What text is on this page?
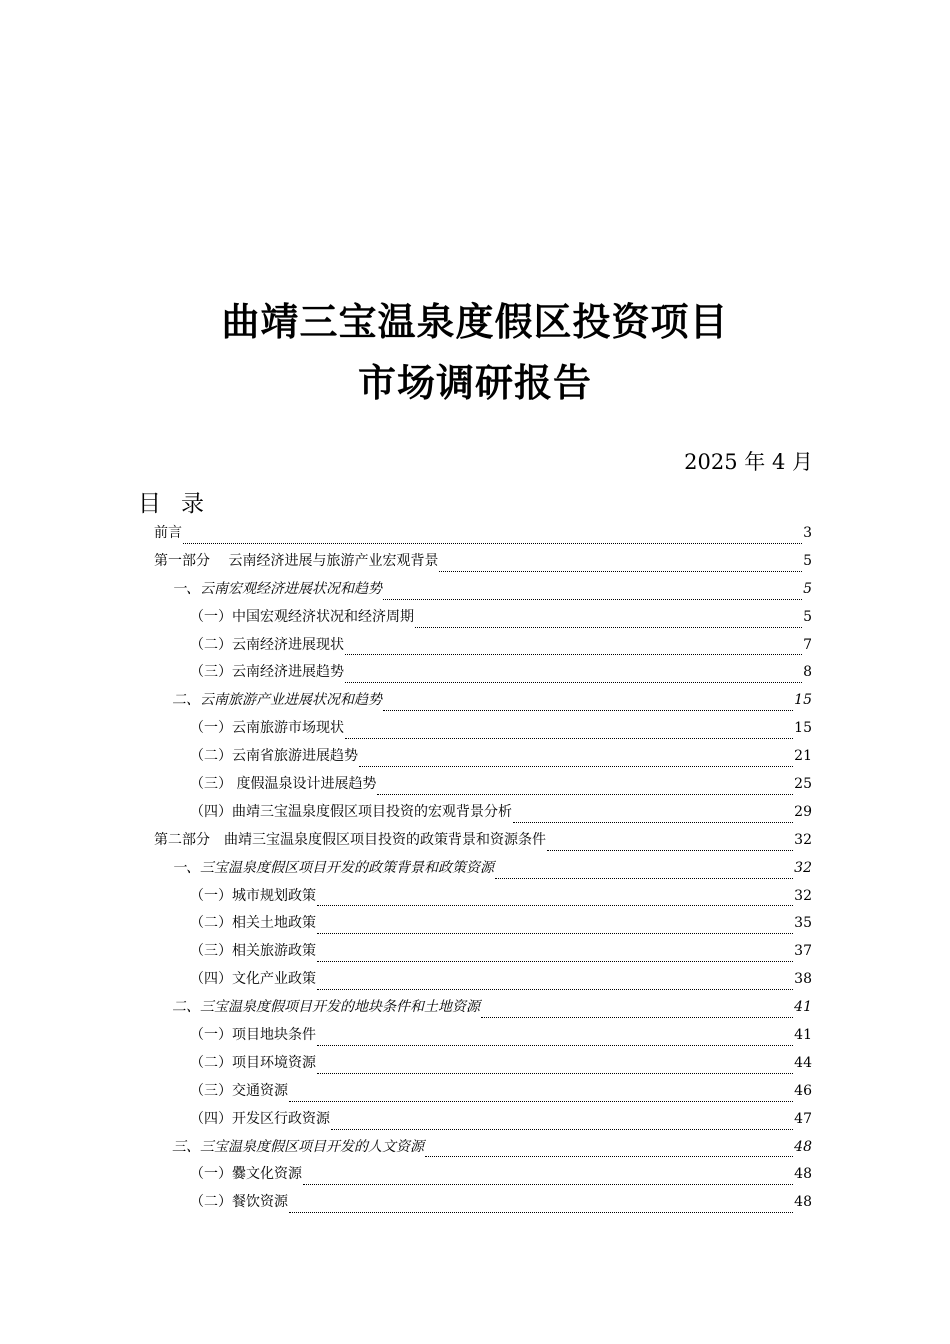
曲靖三宝温泉度假区投资项目
市场调研报告
2025 年 4 月
目录
前言	3
第一部分　 云南经济进展与旅游产业宏观背景	5
一、云南宏观经济进展状况和趋势	5
（一）中国宏观经济状况和经济周期	5
（二）云南经济进展现状	7
（三）云南经济进展趋势	8
二、云南旅游产业进展状况和趋势	15
（一）云南旅游市场现状	15
（二）云南省旅游进展趋势	21
（三） 度假温泉设计进展趋势	25
（四）曲靖三宝温泉度假区项目投资的宏观背景分析	29
第二部分　曲靖三宝温泉度假区项目投资的政策背景和资源条件	32
一、三宝温泉度假区项目开发的政策背景和政策资源	32
（一）城市规划政策	32
（二）相关土地政策	35
（三）相关旅游政策	37
（四）文化产业政策	38
二、三宝温泉度假项目开发的地块条件和土地资源	41
（一）项目地块条件	41
（二）项目环境资源	44
（三）交通资源	46
（四）开发区行政资源	47
三、三宝温泉度假区项目开发的人文资源	48
（一）爨文化资源	48
（二）餐饮资源	48
